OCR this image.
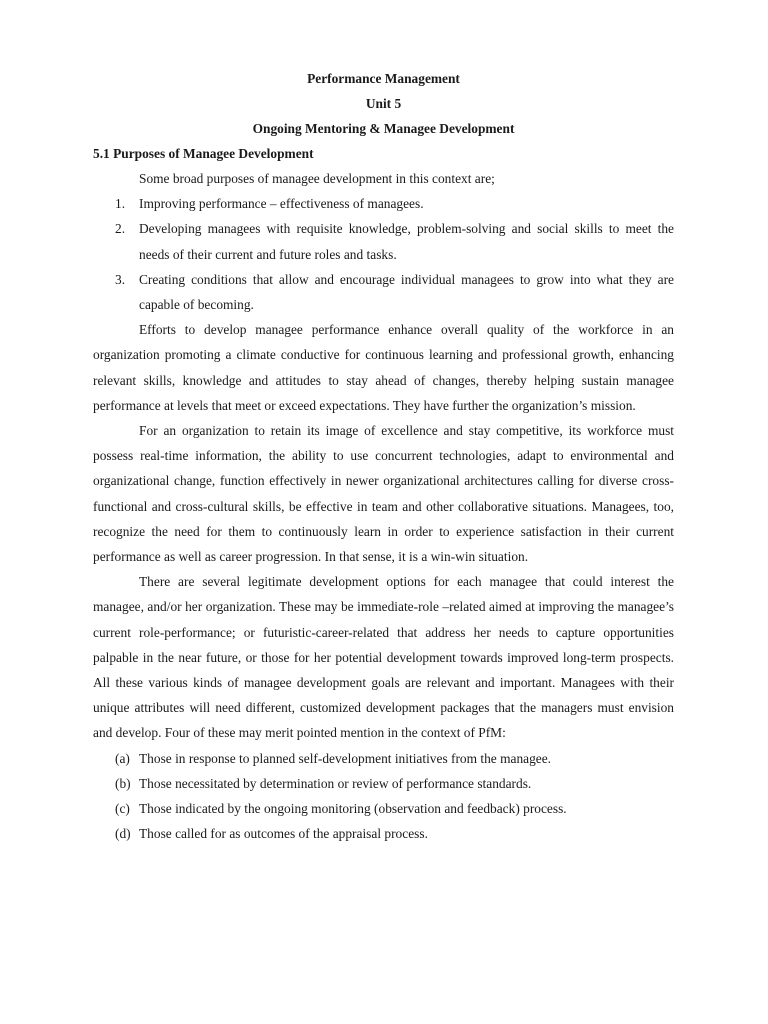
Performance Management

Unit 5

Ongoing Mentoring & Managee Development

5.1 Purposes of Managee Development

Some broad purposes of managee development in this context are;

1.	Improving performance – effectiveness of managees.
2.	Developing managees with requisite knowledge, problem-solving and social skills to meet the needs of their current and future roles and tasks.
3.	Creating conditions that allow and encourage individual managees to grow into what they are capable of becoming.

Efforts to develop managee performance enhance overall quality of the workforce in an organization promoting a climate conductive for continuous learning and professional growth, enhancing relevant skills, knowledge and attitudes to stay ahead of changes, thereby helping sustain managee performance at levels that meet or exceed expectations. They have further the organization’s mission.

For an organization to retain its image of excellence and stay competitive, its workforce must possess real-time information, the ability to use concurrent technologies, adapt to environmental and organizational change, function effectively in newer organizational architectures calling for diverse cross-functional and cross-cultural skills, be effective in team and other collaborative situations. Managees, too, recognize the need for them to continuously learn in order to experience satisfaction in their current performance as well as career progression. In that sense, it is a win-win situation.

There are several legitimate development options for each managee that could interest the managee, and/or her organization. These may be immediate-role –related aimed at improving the managee’s current role-performance; or futuristic-career-related that address her needs to capture opportunities palpable in the near future, or those for her potential development towards improved long-term prospects. All these various kinds of managee development goals are relevant and important. Managees with their unique attributes will need different, customized development packages that the managers must envision and develop. Four of these may merit pointed mention in the context of PfM:

(a) Those in response to planned self-development initiatives from the managee.
(b) Those necessitated by determination or review of performance standards.
(c) Those indicated by the ongoing monitoring (observation and feedback) process.
(d) Those called for as outcomes of the appraisal process.
